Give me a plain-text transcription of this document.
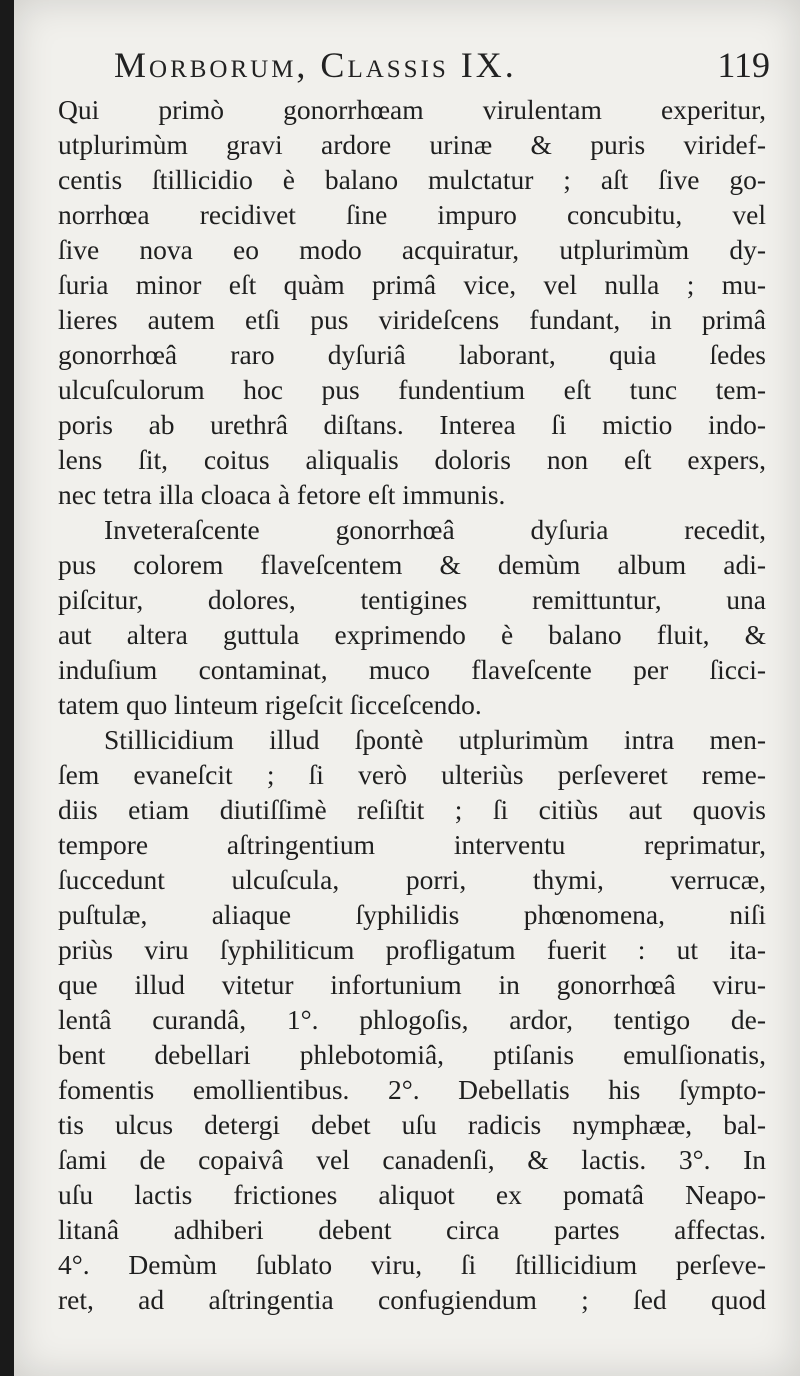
Morborum, Classis IX.	119
Qui primò gonorrhœam virulentam experitur,
utplurimùm gravi ardore urinæ & puris viridef-
centis ſtillicidio è balano mulctatur ; aſt ſive go-
norrhœa recidivet ſine impuro concubitu, vel
ſive nova eo modo acquiratur, utplurimùm dy-
ſuria minor eſt quàm primâ vice, vel nulla ; mu-
lieres autem etſi pus virideſcens fundant, in primâ
gonorrhœâ raro dyſuriâ laborant, quia ſedes
ulcuſculorum hoc pus fundentium eſt tunc tem-
poris ab urethrâ diſtans. Interea ſi mictio indo-
lens ſit, coitus aliqualis doloris non eſt expers,
nec tetra illa cloaca à fetore eſt immunis.
Inveteraſcente gonorrhœâ dyſuria recedit,
pus colorem flaveſcentem & demùm album adi-
piſcitur, dolores, tentigines remittuntur, una
aut altera guttula exprimendo è balano fluit, &
induſium contaminat, muco flaveſcente per ſicci-
tatem quo linteum rigeſcit ſicceſcendo.
Stillicidium illud ſpontè utplurimùm intra men-
ſem evaneſcit ; ſi verò ulteriùs perſeveret reme-
diis etiam diutiſſimè reſiſtit ; ſi citiùs aut quovis
tempore aſtringentium interventu reprimatur,
ſuccedunt ulcuſcula, porri, thymi, verrucæ,
puſtulæ, aliaque ſyphilidis phœnomena, niſi
priùs viru ſyphiliticum profligatum fuerit : ut ita-
que illud vitetur infortunium in gonorrhœâ viru-
lentâ curandâ, 1°. phlogoſis, ardor, tentigo de-
bent debellari phlebotomiâ, ptiſanis emulſionatis,
fomentis emollientibus. 2°. Debellatis his ſympto-
tis ulcus detergi debet uſu radicis nymphææ, bal-
ſami de copaivâ vel canadenſi, & lactis. 3°. In
uſu lactis frictiones aliquot ex pomatâ Neapo-
litanâ adhiberi debent circa partes affectas.
4°. Demùm ſublato viru, ſi ſtillicidium perſeve-
ret, ad aſtringentia confugiendum ; ſed quod
